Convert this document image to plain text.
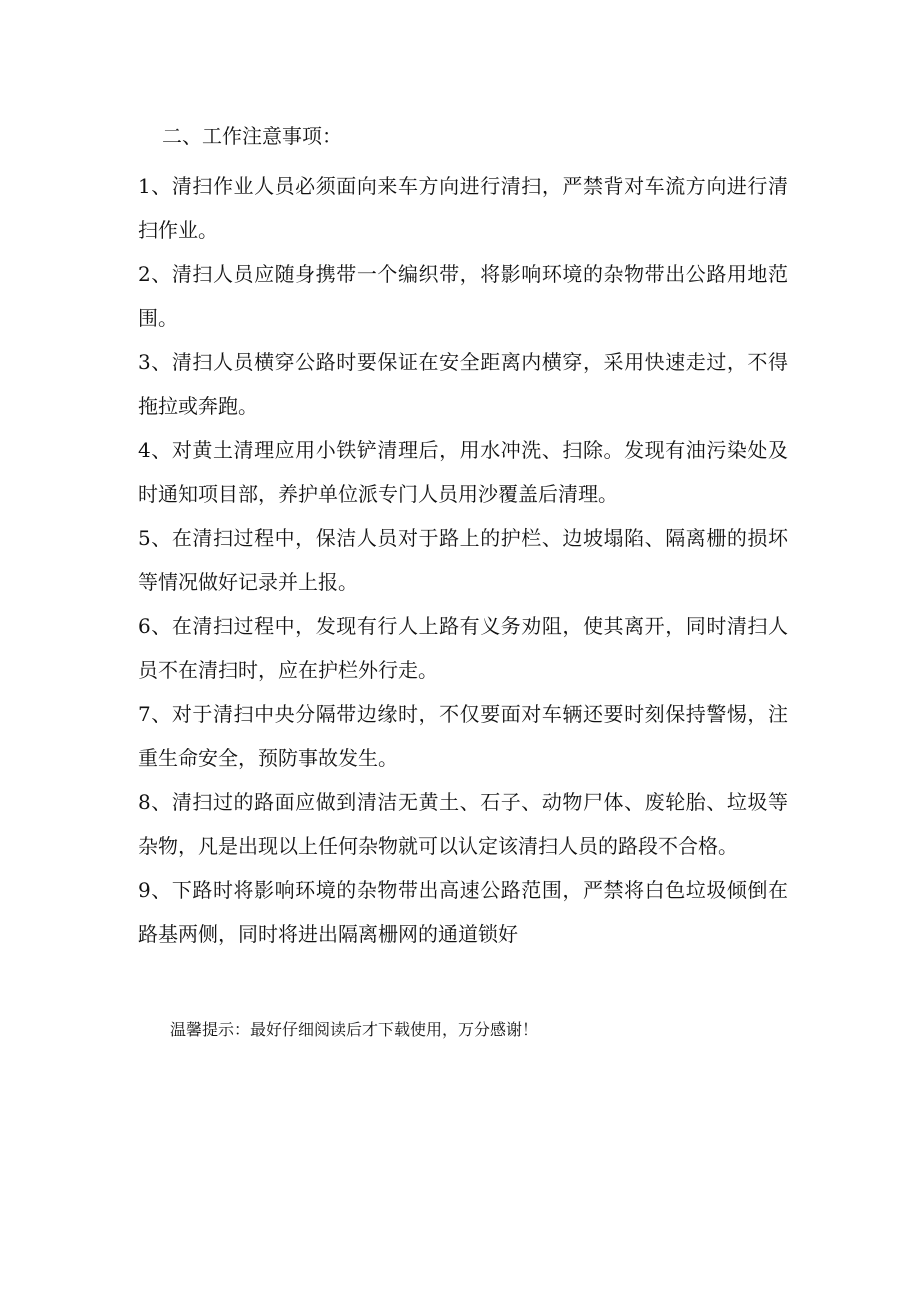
二、工作注意事项：

1、清扫作业人员必须面向来车方向进行清扫，严禁背对车流方向进行清扫作业。

2、清扫人员应随身携带一个编织带，将影响环境的杂物带出公路用地范围。

3、清扫人员横穿公路时要保证在安全距离内横穿，采用快速走过，不得拖拉或奔跑。

4、对黄土清理应用小铁铲清理后，用水冲洗、扫除。发现有油污染处及时通知项目部，养护单位派专门人员用沙覆盖后清理。

5、在清扫过程中，保洁人员对于路上的护栏、边坡塌陷、隔离栅的损坏等情况做好记录并上报。

6、在清扫过程中，发现有行人上路有义务劝阻，使其离开，同时清扫人员不在清扫时，应在护栏外行走。

7、对于清扫中央分隔带边缘时，不仅要面对车辆还要时刻保持警惕，注重生命安全，预防事故发生。

8、清扫过的路面应做到清洁无黄土、石子、动物尸体、废轮胎、垃圾等杂物，凡是出现以上任何杂物就可以认定该清扫人员的路段不合格。

9、下路时将影响环境的杂物带出高速公路范围，严禁将白色垃圾倾倒在路基两侧，同时将进出隔离栅网的通道锁好

温馨提示：最好仔细阅读后才下载使用，万分感谢！
